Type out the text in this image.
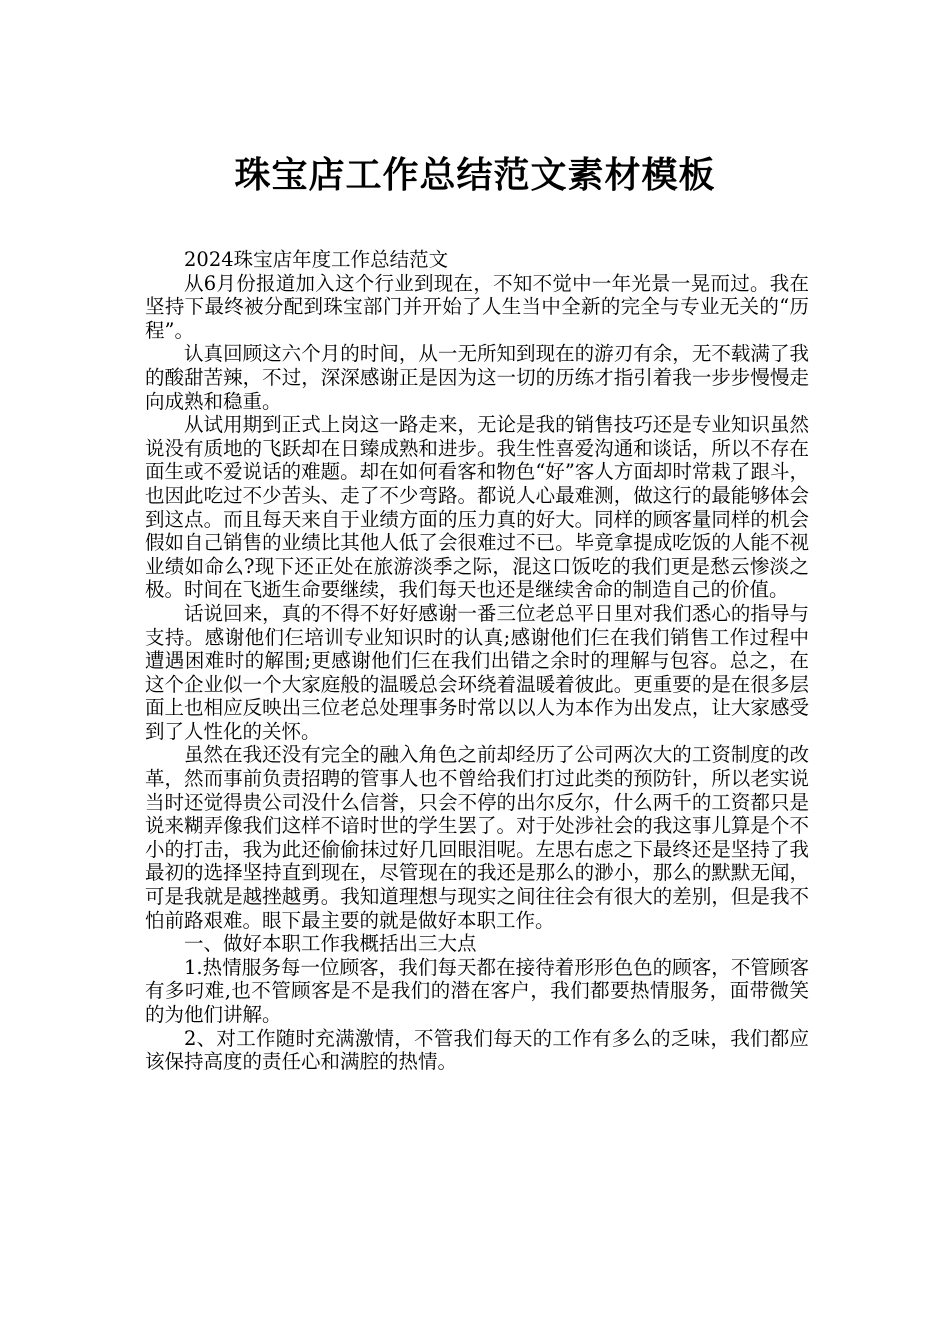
珠宝店工作总结范文素材模板

2024珠宝店年度工作总结范文

从6月份报道加入这个行业到现在，不知不觉中一年光景一晃而过。我在坚持下最终被分配到珠宝部门并开始了人生当中全新的完全与专业无关的“历程”。

认真回顾这六个月的时间，从一无所知到现在的游刃有余，无不载满了我的酸甜苦辣，不过，深深感谢正是因为这一切的历练才指引着我一步步慢慢走向成熟和稳重。

从试用期到正式上岗这一路走来，无论是我的销售技巧还是专业知识虽然说没有质地的飞跃却在日臻成熟和进步。我生性喜爱沟通和谈话，所以不存在面生或不爱说话的难题。却在如何看客和物色“好”客人方面却时常栽了跟斗，也因此吃过不少苦头、走了不少弯路。都说人心最难测，做这行的最能够体会到这点。而且每天来自于业绩方面的压力真的好大。同样的顾客量同样的机会假如自己销售的业绩比其他人低了会很难过不已。毕竟拿提成吃饭的人能不视业绩如命么?现下还正处在旅游淡季之际，混这口饭吃的我们更是愁云惨淡之极。时间在飞逝生命要继续，我们每天也还是继续舍命的制造自己的价值。

话说回来，真的不得不好好感谢一番三位老总平日里对我们悉心的指导与支持。感谢他们仨培训专业知识时的认真;感谢他们仨在我们销售工作过程中遭遇困难时的解围;更感谢他们仨在我们出错之余时的理解与包容。总之，在这个企业似一个大家庭般的温暖总会环绕着温暖着彼此。更重要的是在很多层面上也相应反映出三位老总处理事务时常以以人为本作为出发点，让大家感受到了人性化的关怀。

虽然在我还没有完全的融入角色之前却经历了公司两次大的工资制度的改革，然而事前负责招聘的管事人也不曾给我们打过此类的预防针，所以老实说当时还觉得贵公司没什么信誉，只会不停的出尔反尔，什么两千的工资都只是说来糊弄像我们这样不谙时世的学生罢了。对于处涉社会的我这事儿算是个不小的打击，我为此还偷偷抹过好几回眼泪呢。左思右虑之下最终还是坚持了我最初的选择坚持直到现在，尽管现在的我还是那么的渺小，那么的默默无闻，可是我就是越挫越勇。我知道理想与现实之间往往会有很大的差别，但是我不怕前路艰难。眼下最主要的就是做好本职工作。

一、做好本职工作我概括出三大点

1.热情服务每一位顾客，我们每天都在接待着形形色色的顾客，不管顾客有多叼难,也不管顾客是不是我们的潜在客户，我们都要热情服务，面带微笑的为他们讲解。

2、对工作随时充满激情，不管我们每天的工作有多么的乏味，我们都应该保持高度的责任心和满腔的热情。
